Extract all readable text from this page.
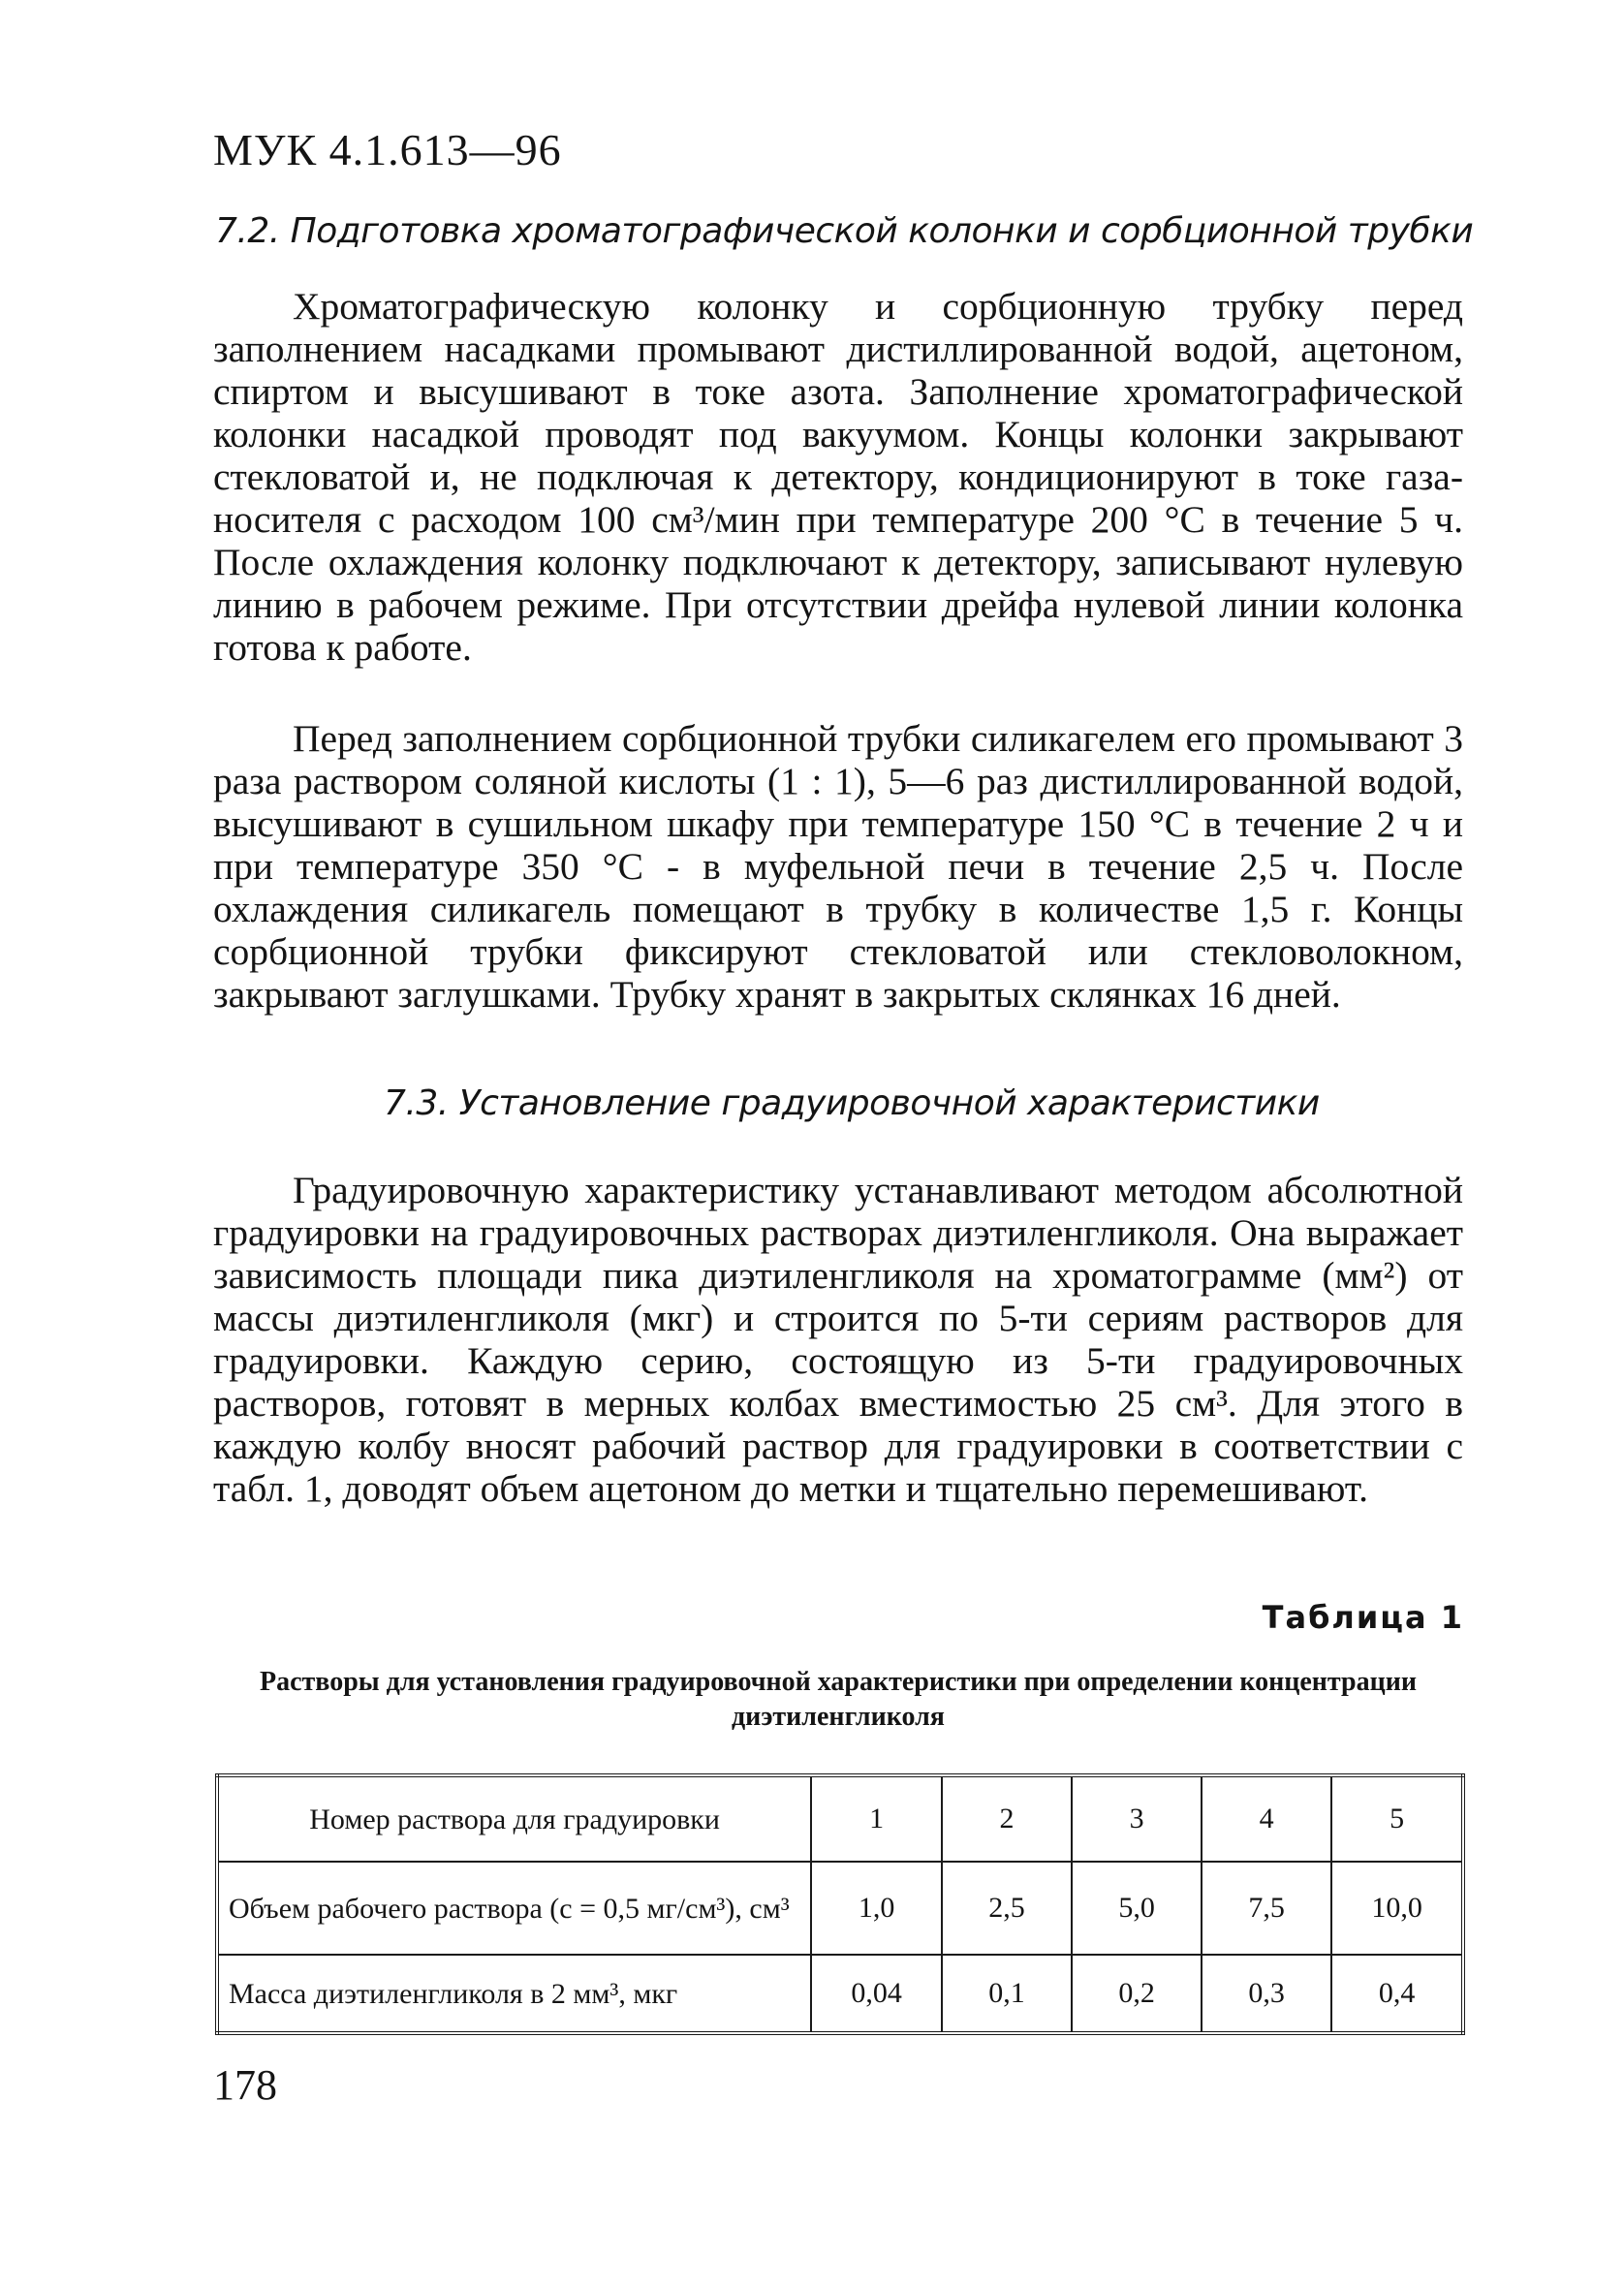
МУК 4.1.613—96
7.2. Подготовка хроматографической колонки и сорбционной трубки

Хроматографическую колонку и сорбционную трубку перед заполнением насадками промывают дистиллированной водой, ацетоном, спиртом и высушивают в токе азота. Заполнение хроматографической колонки насадкой проводят под вакуумом. Концы колонки закрывают стекловатой и, не подключая к детектору, кондиционируют в токе газа-носителя с расходом 100 см³/мин при температуре 200 °С в течение 5 ч. После охлаждения колонку подключают к детектору, записывают нулевую линию в рабочем режиме. При отсутствии дрейфа нулевой линии колонка готова к работе.

Перед заполнением сорбционной трубки силикагелем его промывают 3 раза раствором соляной кислоты (1 : 1), 5—6 раз дистиллированной водой, высушивают в сушильном шкафу при температуре 150 °С в течение 2 ч и при температуре 350 °С - в муфельной печи в течение 2,5 ч. После охлаждения силикагель помещают в трубку в количестве 1,5 г. Концы сорбционной трубки фиксируют стекловатой или стекловолокном, закрывают заглушками. Трубку хранят в закрытых склянках 16 дней.

7.3. Установление градуировочной характеристики

Градуировочную характеристику устанавливают методом абсолютной градуировки на градуировочных растворах диэтиленгликоля. Она выражает зависимость площади пика диэтиленгликоля на хроматограмме (мм²) от массы диэтиленгликоля (мкг) и строится по 5-ти сериям растворов для градуировки. Каждую серию, состоящую из 5-ти градуировочных растворов, готовят в мерных колбах вместимостью 25 см³. Для этого в каждую колбу вносят рабочий раствор для градуировки в соответствии с табл. 1, доводят объем ацетоном до метки и тщательно перемешивают.

Таблица 1

Растворы для установления градуировочной характеристики при определении концентрации диэтиленгликоля

Номер раствора для градуировки	1	2	3	4	5
Объем рабочего раствора (с = 0,5 мг/см³), см³	1,0	2,5	5,0	7,5	10,0
Масса диэтиленгликоля в 2 мм³, мкг	0,04	0,1	0,2	0,3	0,4
178
